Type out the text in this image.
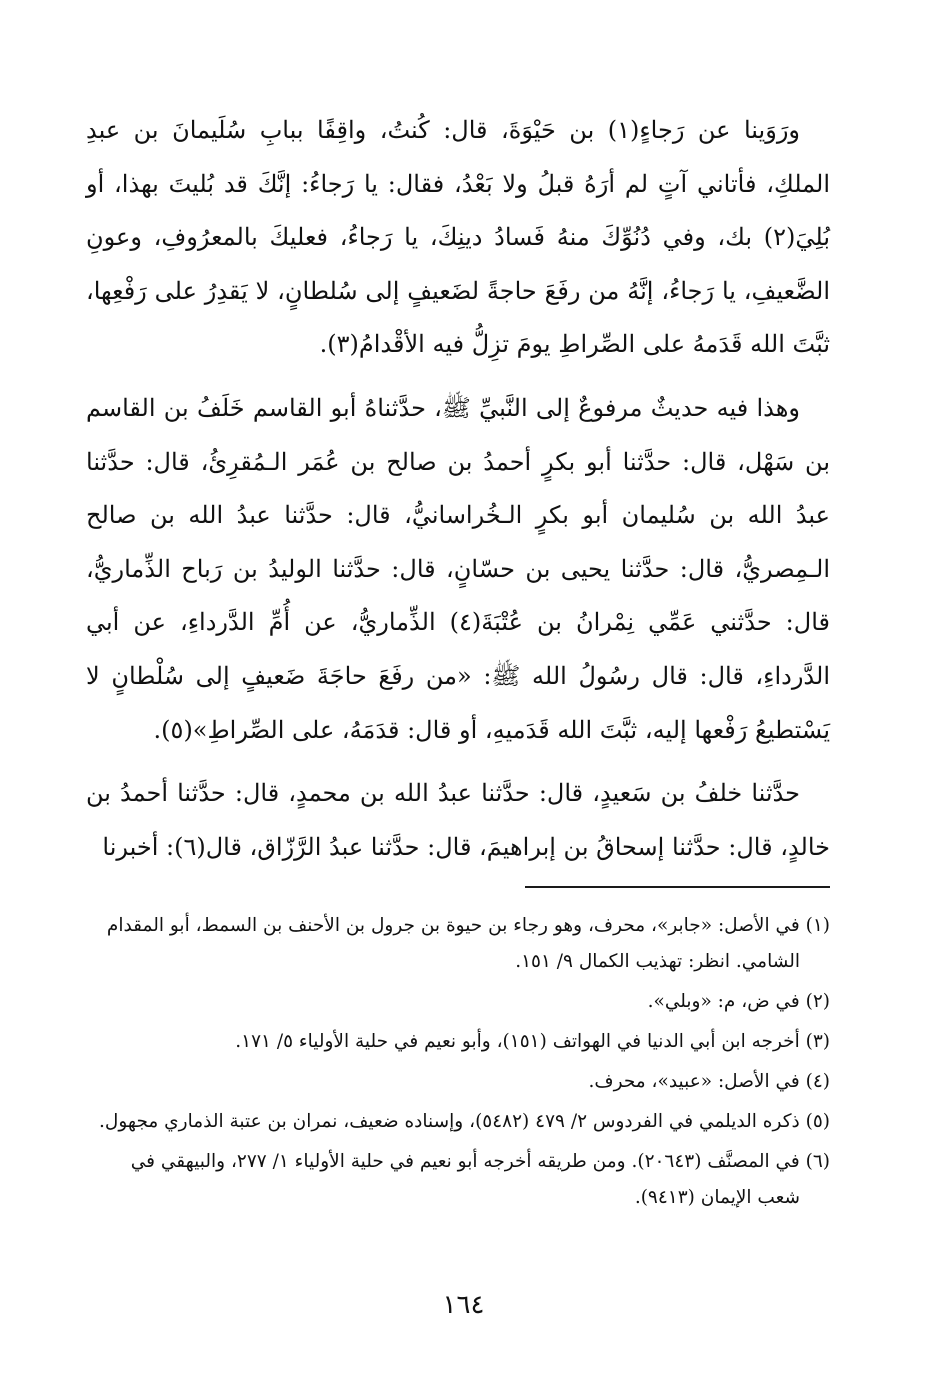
ورَوَينا عن رَجاءٍ(١) بن حَيْوَةَ، قال: كُنتُ، واقِفًا ببابِ سُلَيمانَ بن عبدِ الملكِ، فأتاني آتٍ لم أرَهُ قبلُ ولا بَعْدُ، فقال: يا رَجاءُ: إنَّكَ قد بُليتَ بهذا، أو بُلِيَ(٢) بك، وفي دُنُوِّكَ منهُ فَسادُ دينِكَ، يا رَجاءُ، فعليكَ بالمعرُوفِ، وعونِ الضَّعيفِ، يا رَجاءُ، إنَّهُ من رفَعَ حاجةً لضَعيفٍ إلى سُلطانٍ، لا يَقدِرُ على رَفْعِها، ثبَّتَ الله قَدَمهُ على الصِّراطِ يومَ تزِلُّ فيه الأقْدامُ(٣).

وهذا فيه حديثٌ مرفوعٌ إلى النَّبيِّ ﷺ، حدَّثناهُ أبو القاسم خَلَفُ بن القاسم بن سَهْل، قال: حدَّثنا أبو بكرٍ أحمدُ بن صالح بن عُمَر الـمُقرِئُ، قال: حدَّثنا عبدُ الله بن سُليمان أبو بكرٍ الـخُراسانيُّ، قال: حدَّثنا عبدُ الله بن صالح الـمِصريُّ، قال: حدَّثنا يحيى بن حسّانٍ، قال: حدَّثنا الوليدُ بن رَباح الذِّماريُّ، قال: حدَّثني عَمِّي نِمْرانُ بن عُتْبَةَ(٤) الذِّماريُّ، عن أُمِّ الدَّرداءِ، عن أبي الدَّرداءِ، قال: قال رسُولُ الله ﷺ: «من رفَعَ حاجَةَ ضَعيفٍ إلى سُلْطانٍ لا يَسْتطيعُ رَفْعها إليه، ثبَّتَ الله قَدَميهِ، أو قال: قدَمَهُ، على الصِّراطِ»(٥).

حدَّثنا خلفُ بن سَعيدٍ، قال: حدَّثنا عبدُ الله بن محمدٍ، قال: حدَّثنا أحمدُ بن خالدٍ، قال: حدَّثنا إسحاقُ بن إبراهيمَ، قال: حدَّثنا عبدُ الرَّزّاق، قال(٦): أخبرنا

(١) في الأصل: «جابر»، محرف، وهو رجاء بن حيوة بن جرول بن الأحنف بن السمط، أبو المقدام الشامي. انظر: تهذيب الكمال ٩/ ١٥١.

(٢) في ض، م: «وبلي».

(٣) أخرجه ابن أبي الدنيا في الهواتف (١٥١)، وأبو نعيم في حلية الأولياء ٥/ ١٧١.

(٤) في الأصل: «عبيد»، محرف.

(٥) ذكره الديلمي في الفردوس ٢/ ٤٧٩ (٥٤٨٢)، وإسناده ضعيف، نمران بن عتبة الذماري مجهول.

(٦) في المصنَّف (٢٠٦٤٣). ومن طريقه أخرجه أبو نعيم في حلية الأولياء ١/ ٢٧٧، والبيهقي في شعب الإيمان (٩٤١٣).

١٦٤
